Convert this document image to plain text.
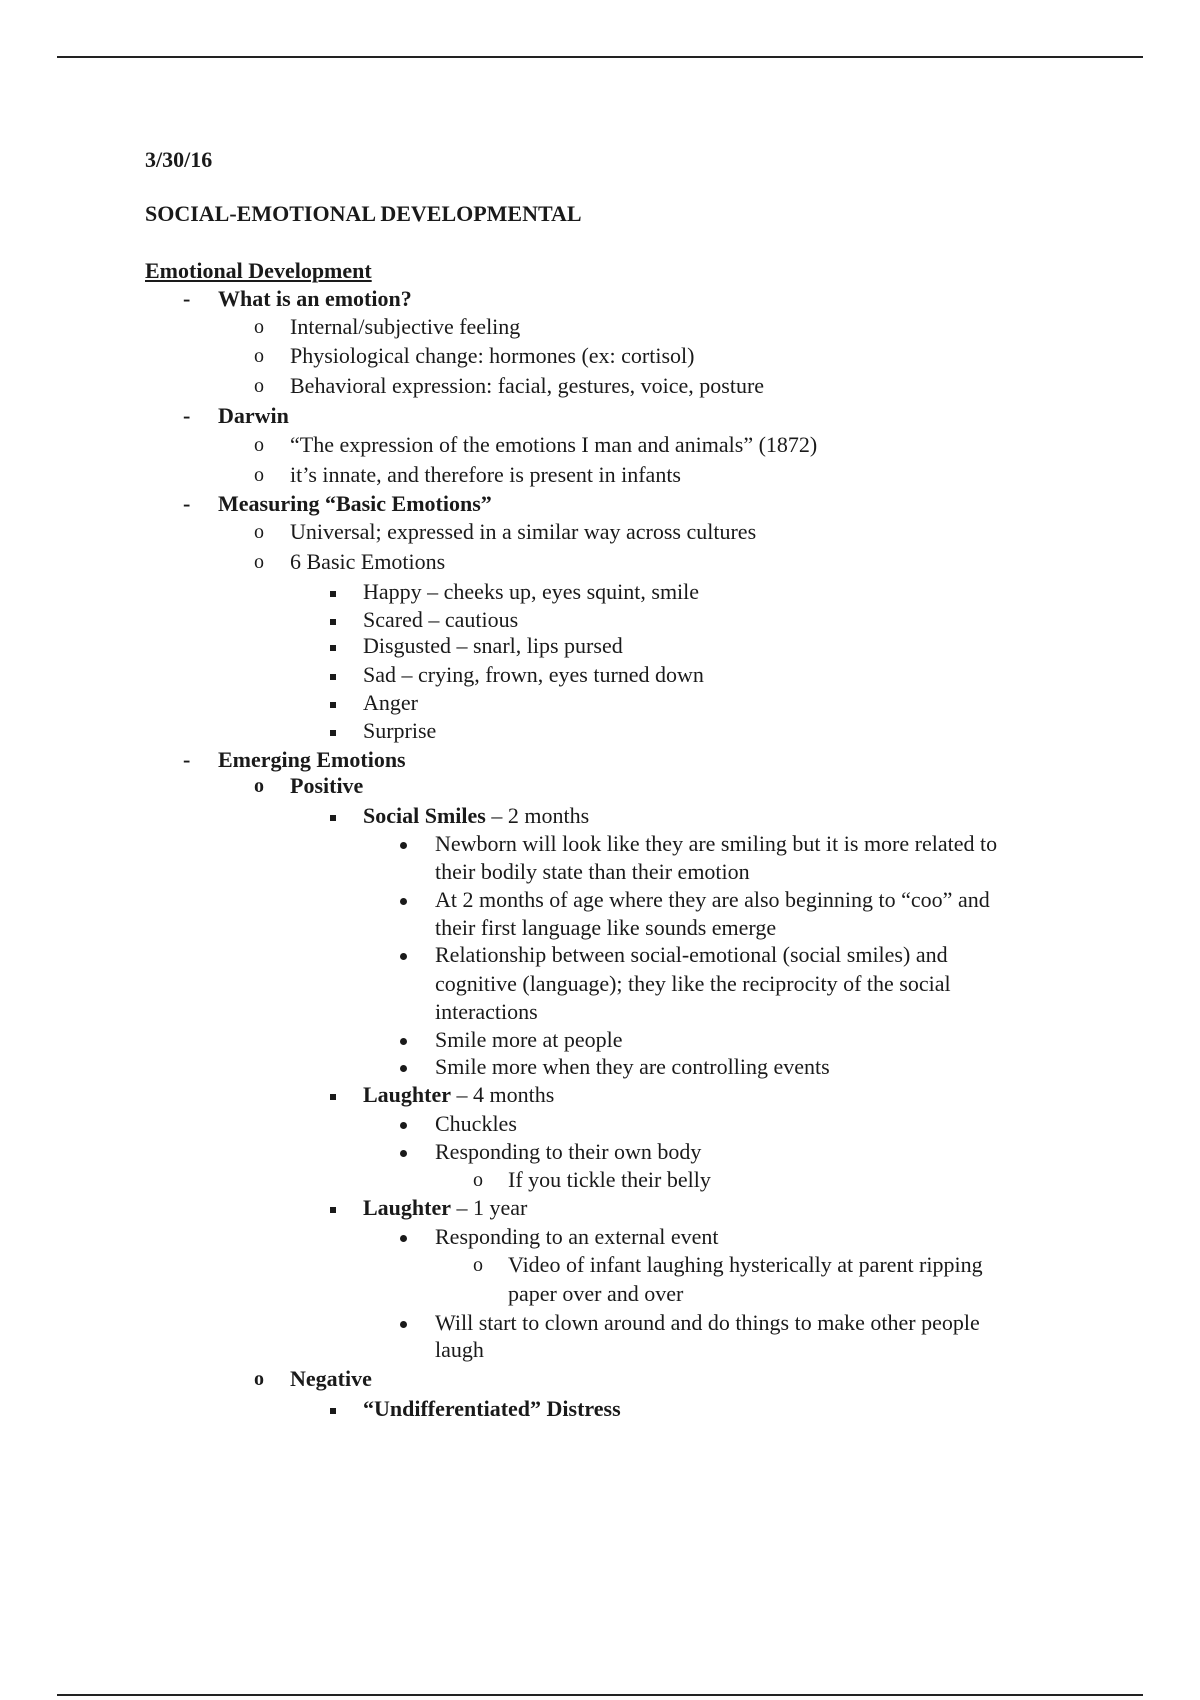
3/30/16
SOCIAL-EMOTIONAL DEVELOPMENTAL
Emotional Development
- What is an emotion?
o Internal/subjective feeling
o Physiological change: hormones (ex: cortisol)
o Behavioral expression: facial, gestures, voice, posture
- Darwin
o “The expression of the emotions I man and animals” (1872)
o it’s innate, and therefore is present in infants
- Measuring “Basic Emotions”
o Universal; expressed in a similar way across cultures
o 6 Basic Emotions
Happy – cheeks up, eyes squint, smile
Scared – cautious
Disgusted – snarl, lips pursed
Sad – crying, frown, eyes turned down
Anger
Surprise
- Emerging Emotions
o Positive
Social Smiles – 2 months
Newborn will look like they are smiling but it is more related to
their bodily state than their emotion
At 2 months of age where they are also beginning to “coo” and
their first language like sounds emerge
Relationship between social-emotional (social smiles) and
cognitive (language); they like the reciprocity of the social
interactions
Smile more at people
Smile more when they are controlling events
Laughter – 4 months
Chuckles
Responding to their own body
o If you tickle their belly
Laughter – 1 year
Responding to an external event
o Video of infant laughing hysterically at parent ripping
paper over and over
Will start to clown around and do things to make other people
laugh
o Negative
“Undifferentiated” Distress
